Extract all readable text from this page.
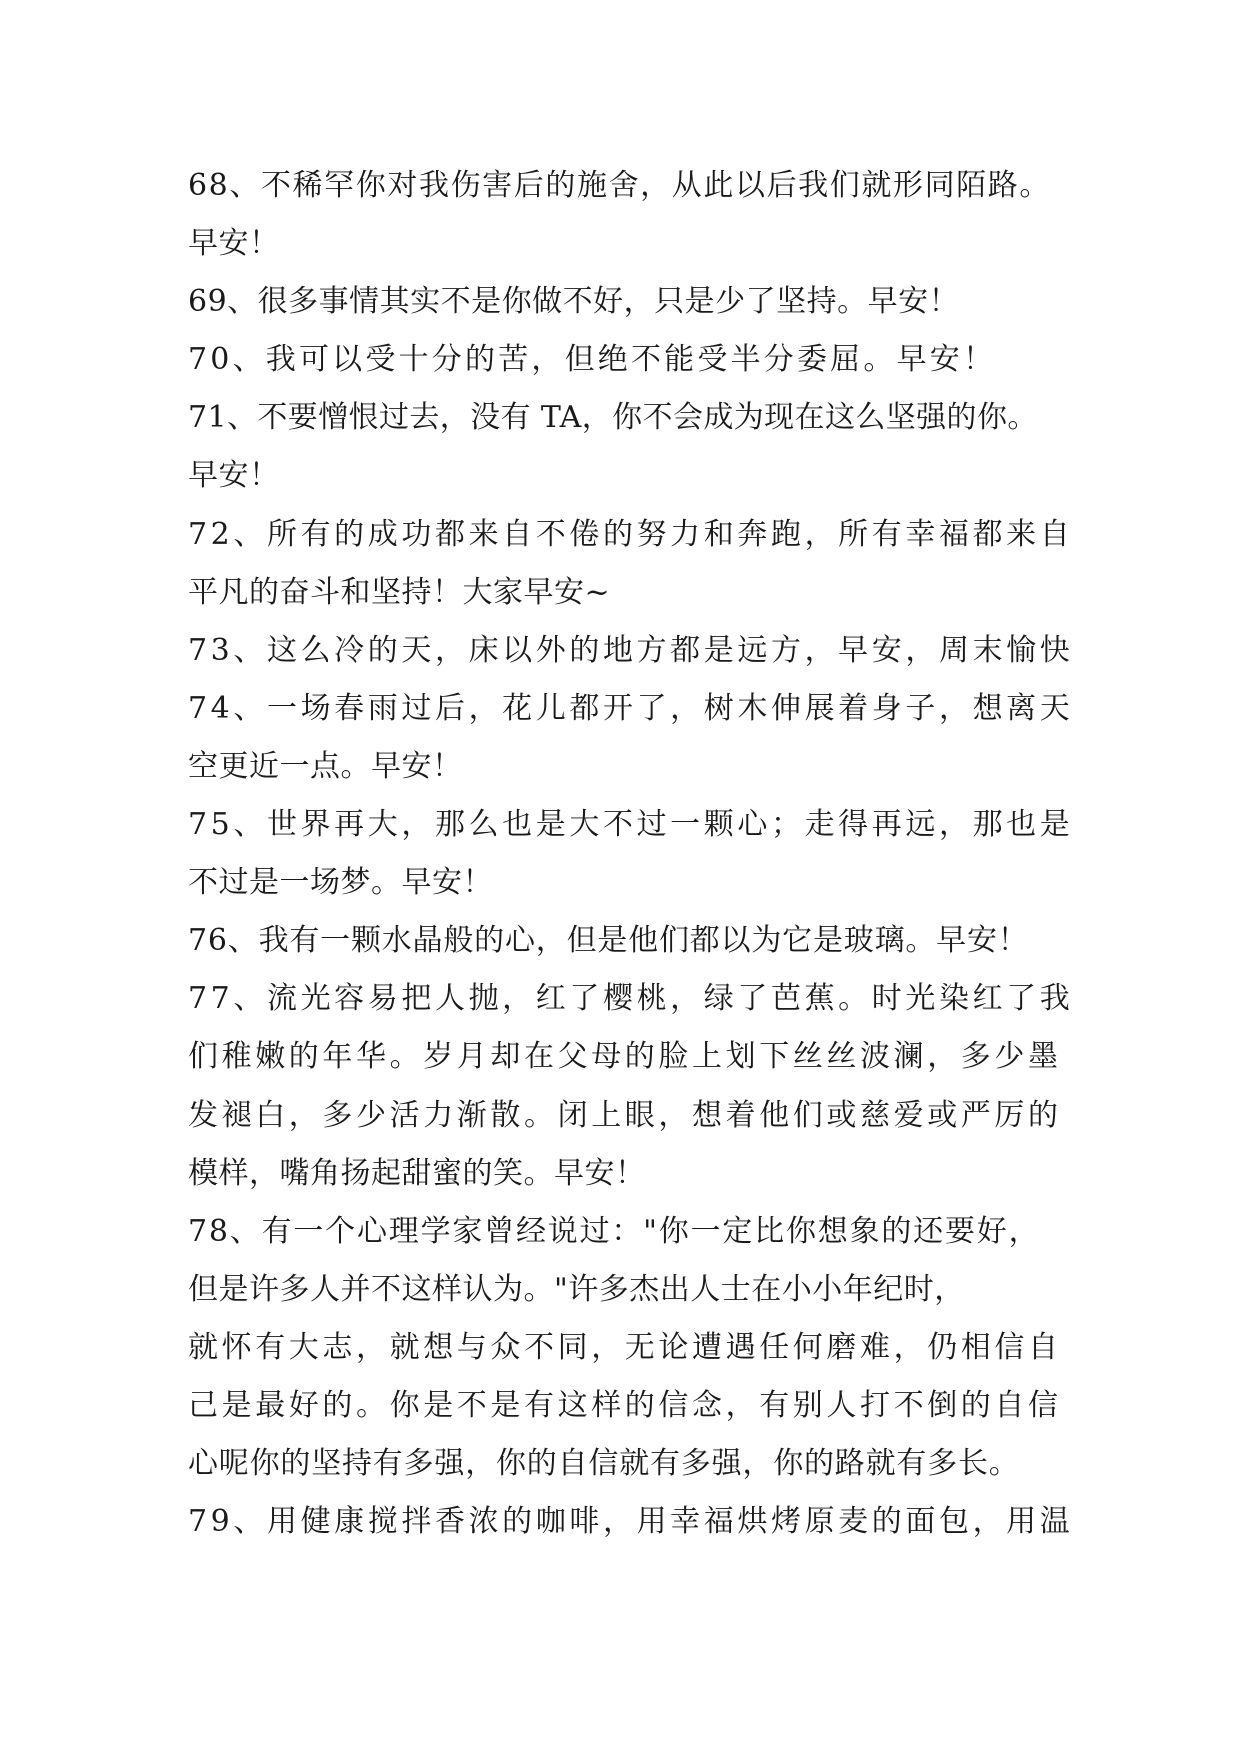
68、不稀罕你对我伤害后的施舍，从此以后我们就形同陌路。
早安！
69、很多事情其实不是你做不好，只是少了坚持。早安！
70、我可以受十分的苦，但绝不能受半分委屈。早安！
71、不要憎恨过去，没有 TA，你不会成为现在这么坚强的你。
早安！
72、所有的成功都来自不倦的努力和奔跑，所有幸福都来自
平凡的奋斗和坚持！大家早安~
73、这么冷的天，床以外的地方都是远方，早安，周末愉快
74、一场春雨过后，花儿都开了，树木伸展着身子，想离天
空更近一点。早安！
75、世界再大，那么也是大不过一颗心；走得再远，那也是
不过是一场梦。早安！
76、我有一颗水晶般的心，但是他们都以为它是玻璃。早安！
77、流光容易把人抛，红了樱桃，绿了芭蕉。时光染红了我
们稚嫩的年华。岁月却在父母的脸上划下丝丝波澜，多少墨
发褪白，多少活力渐散。闭上眼，想着他们或慈爱或严厉的
模样，嘴角扬起甜蜜的笑。早安！
78、有一个心理学家曾经说过："你一定比你想象的还要好，
但是许多人并不这样认为。"许多杰出人士在小小年纪时，
就怀有大志，就想与众不同，无论遭遇任何磨难，仍相信自
己是最好的。你是不是有这样的信念，有别人打不倒的自信
心呢你的坚持有多强，你的自信就有多强，你的路就有多长。
79、用健康搅拌香浓的咖啡，用幸福烘烤原麦的面包，用温
